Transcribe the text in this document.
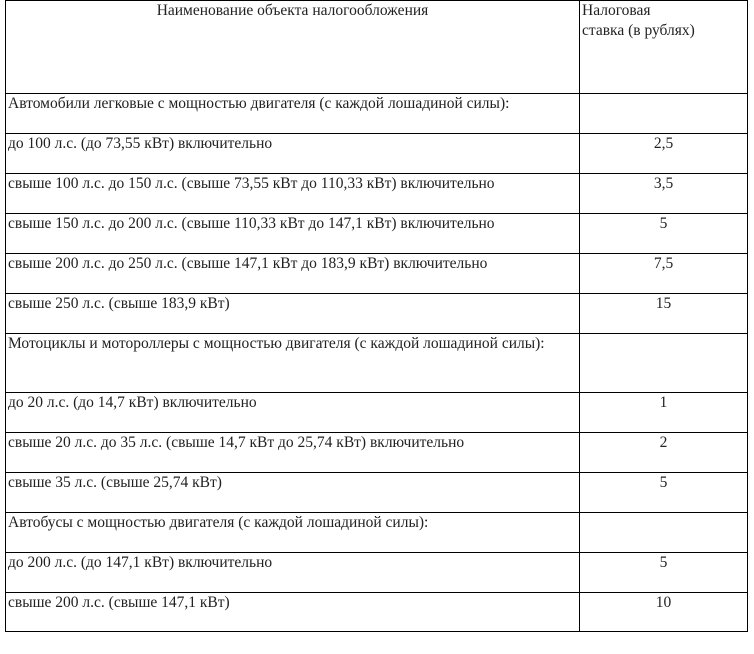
Наименование объекта налогообложения	Налоговая
ставка (в рублях)

Автомобили легковые с мощностью двигателя (с каждой лошадиной силы):	
до 100 л.с. (до 73,55 кВт) включительно	2,5
свыше 100 л.с. до 150 л.с. (свыше 73,55 кВт до 110,33 кВт) включительно	3,5
свыше 150 л.с. до 200 л.с. (свыше 110,33 кВт до 147,1 кВт) включительно	5
свыше 200 л.с. до 250 л.с. (свыше 147,1 кВт до 183,9 кВт) включительно	7,5
свыше 250 л.с. (свыше 183,9 кВт)	15
Мотоциклы и мотороллеры с мощностью двигателя (с каждой лошадиной силы):	
до 20 л.с. (до 14,7 кВт) включительно	1
свыше 20 л.с. до 35 л.с. (свыше 14,7 кВт до 25,74 кВт) включительно	2
свыше 35 л.с. (свыше 25,74 кВт)	5
Автобусы с мощностью двигателя (с каждой лошадиной силы):	
до 200 л.с. (до 147,1 кВт) включительно	5
свыше 200 л.с. (свыше 147,1 кВт)	10
